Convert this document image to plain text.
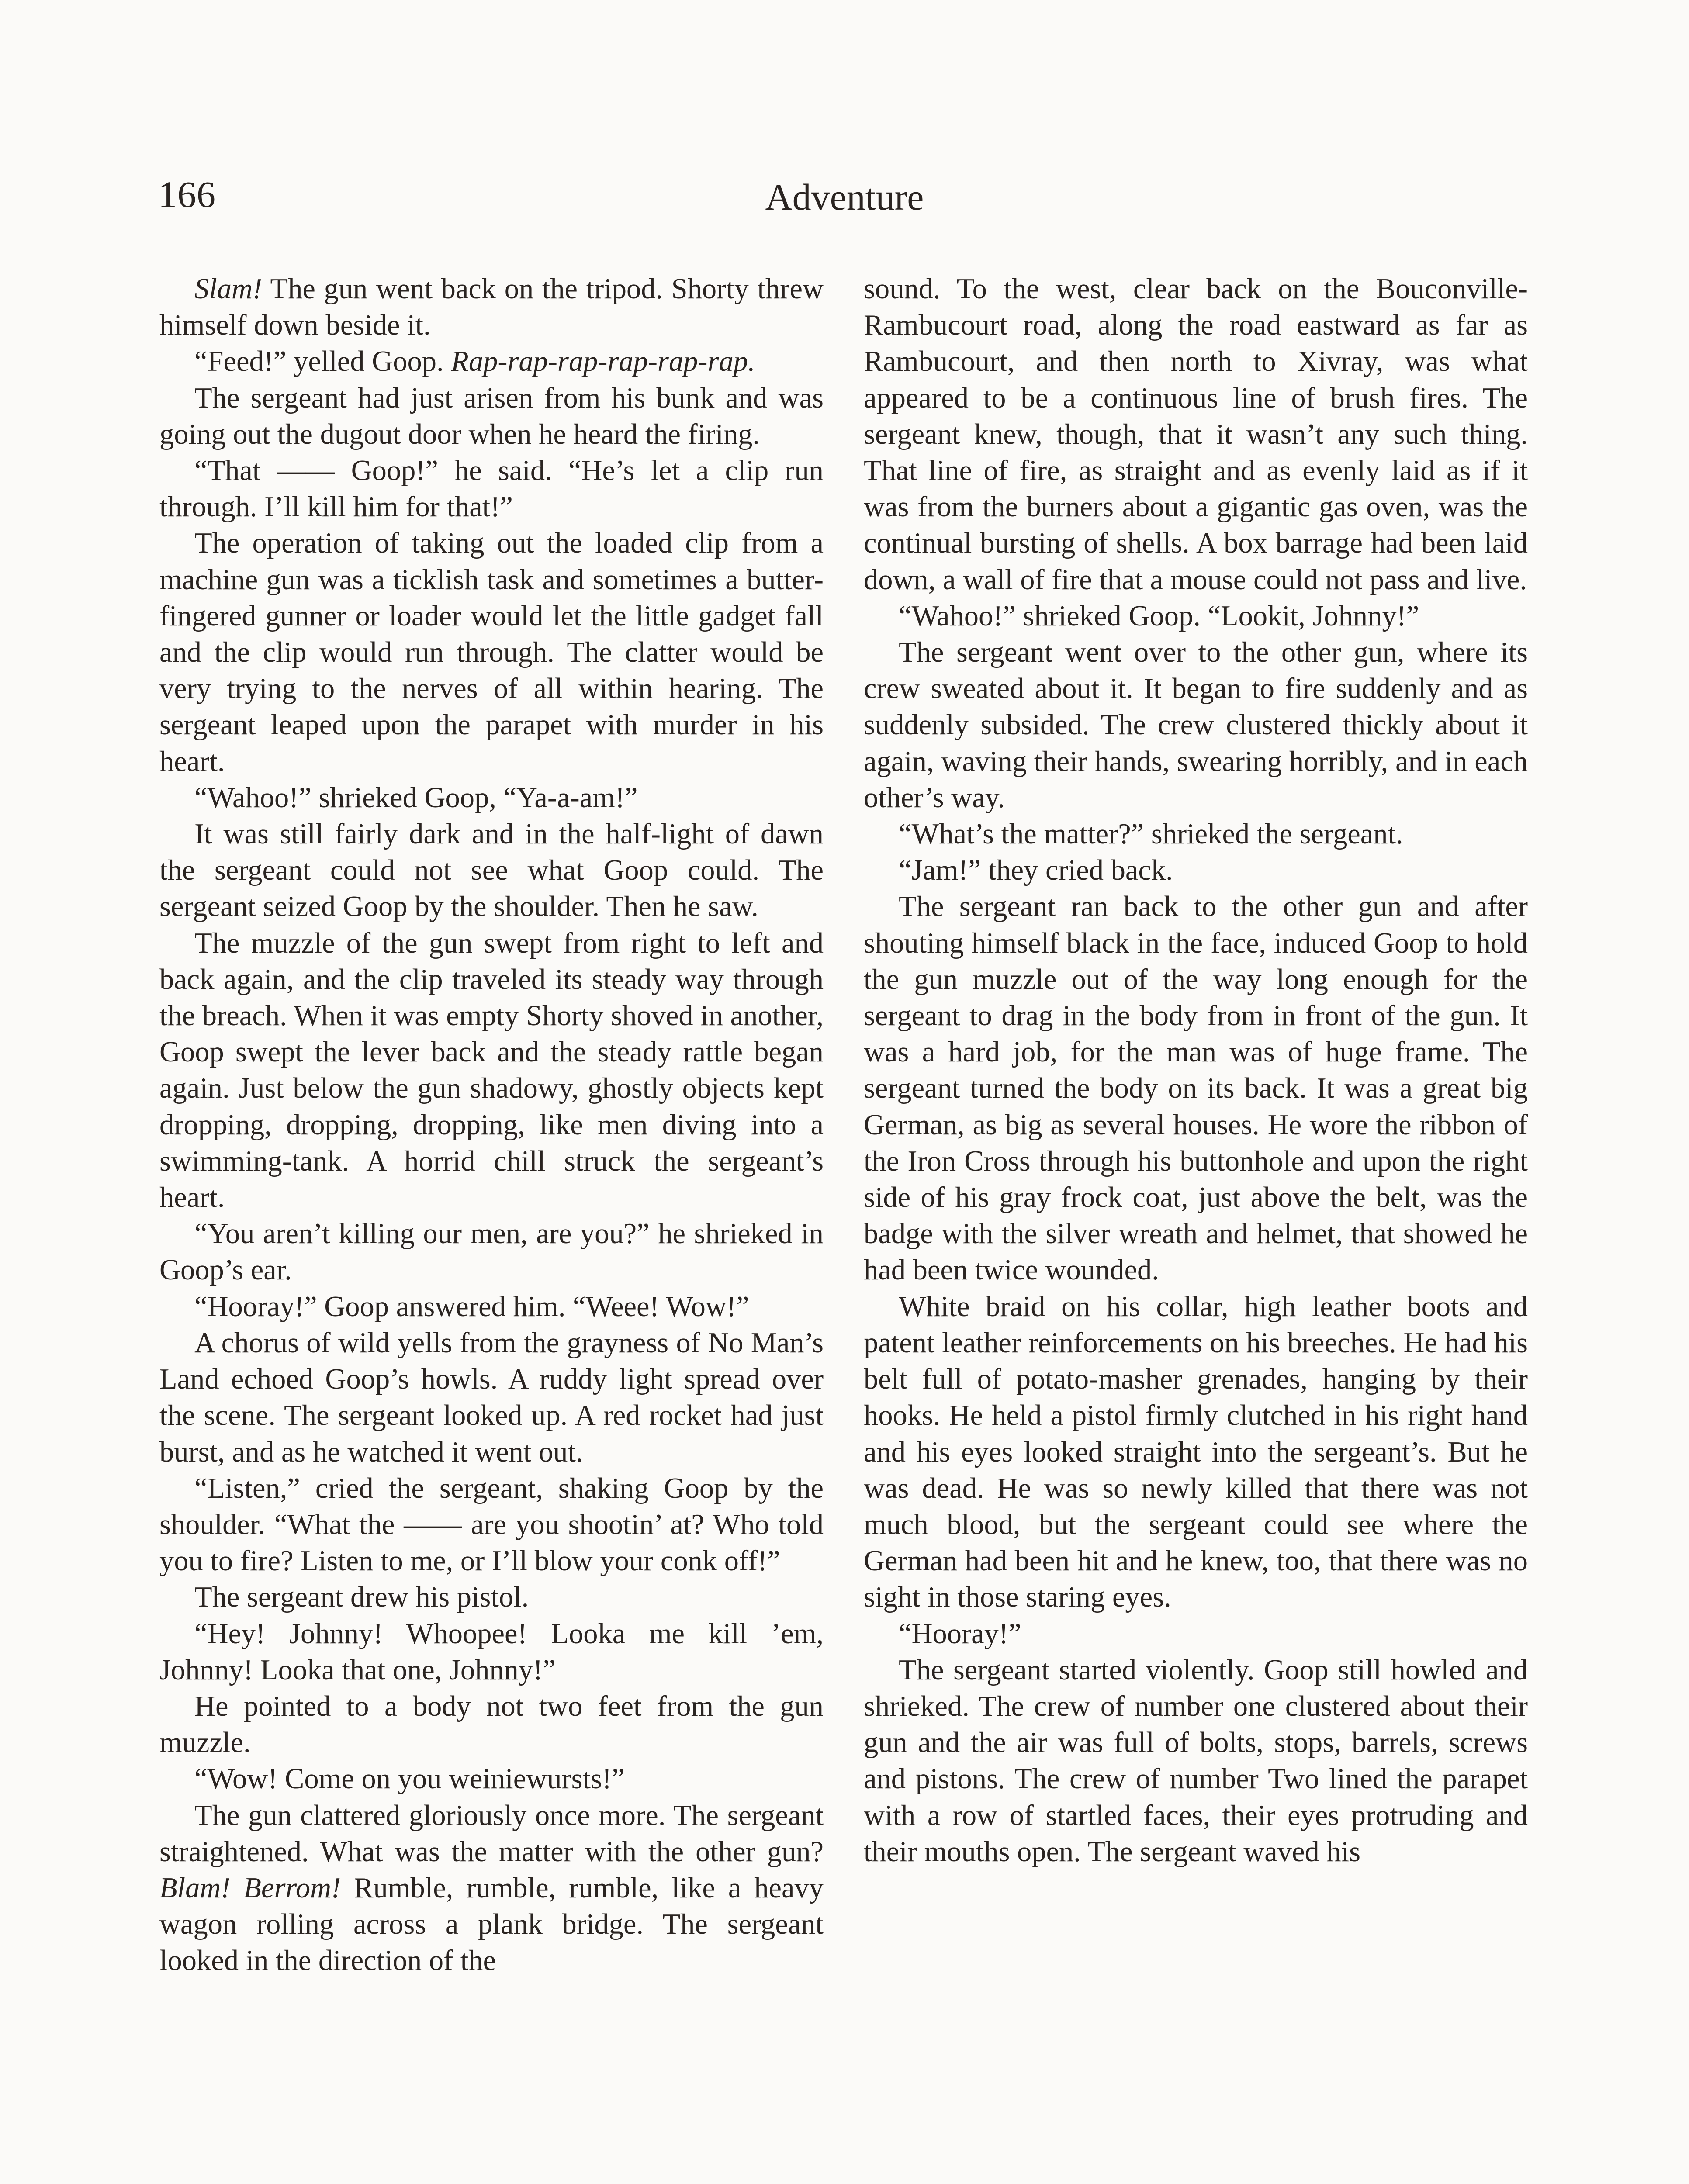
166	Adventure

Slam! The gun went back on the tripod. Shorty threw himself down beside it.

“Feed!” yelled Goop. Rap-rap-rap-rap-rap-rap.

The sergeant had just arisen from his bunk and was going out the dugout door when he heard the firing.

“That —— Goop!” he said. “He’s let a clip run through. I’ll kill him for that!”

The operation of taking out the loaded clip from a machine gun was a ticklish task and sometimes a butter-fingered gunner or loader would let the little gadget fall and the clip would run through. The clatter would be very trying to the nerves of all within hearing. The sergeant leaped upon the parapet with murder in his heart.

“Wahoo!” shrieked Goop, “Ya-a-am!”

It was still fairly dark and in the half-light of dawn the sergeant could not see what Goop could. The sergeant seized Goop by the shoulder. Then he saw.

The muzzle of the gun swept from right to left and back again, and the clip traveled its steady way through the breach. When it was empty Shorty shoved in another, Goop swept the lever back and the steady rattle began again. Just below the gun shadowy, ghostly objects kept dropping, dropping, dropping, like men diving into a swimming-tank. A horrid chill struck the sergeant’s heart.

“You aren’t killing our men, are you?” he shrieked in Goop’s ear.

“Hooray!” Goop answered him. “Weee! Wow!”

A chorus of wild yells from the grayness of No Man’s Land echoed Goop’s howls. A ruddy light spread over the scene. The sergeant looked up. A red rocket had just burst, and as he watched it went out.

“Listen,” cried the sergeant, shaking Goop by the shoulder. “What the —— are you shootin’ at? Who told you to fire? Listen to me, or I’ll blow your conk off!”

The sergeant drew his pistol.

“Hey! Johnny! Whoopee! Looka me kill ’em, Johnny! Looka that one, Johnny!”

He pointed to a body not two feet from the gun muzzle.

“Wow! Come on you weiniewursts!”

The gun clattered gloriously once more. The sergeant straightened. What was the matter with the other gun? Blam! Berrom! Rumble, rumble, rumble, like a heavy wagon rolling across a plank bridge. The sergeant looked in the direction of the

sound. To the west, clear back on the Bouconville-Rambucourt road, along the road eastward as far as Rambucourt, and then north to Xivray, was what appeared to be a continuous line of brush fires. The sergeant knew, though, that it wasn’t any such thing. That line of fire, as straight and as evenly laid as if it was from the burners about a gigantic gas oven, was the continual bursting of shells. A box barrage had been laid down, a wall of fire that a mouse could not pass and live.

“Wahoo!” shrieked Goop. “Lookit, Johnny!”

The sergeant went over to the other gun, where its crew sweated about it. It began to fire suddenly and as suddenly subsided. The crew clustered thickly about it again, waving their hands, swearing horribly, and in each other’s way.

“What’s the matter?” shrieked the sergeant.

“Jam!” they cried back.

The sergeant ran back to the other gun and after shouting himself black in the face, induced Goop to hold the gun muzzle out of the way long enough for the sergeant to drag in the body from in front of the gun. It was a hard job, for the man was of huge frame. The sergeant turned the body on its back. It was a great big German, as big as several houses. He wore the ribbon of the Iron Cross through his buttonhole and upon the right side of his gray frock coat, just above the belt, was the badge with the silver wreath and helmet, that showed he had been twice wounded.

White braid on his collar, high leather boots and patent leather reinforcements on his breeches. He had his belt full of potato-masher grenades, hanging by their hooks. He held a pistol firmly clutched in his right hand and his eyes looked straight into the sergeant’s. But he was dead. He was so newly killed that there was not much blood, but the sergeant could see where the German had been hit and he knew, too, that there was no sight in those staring eyes.

“Hooray!”

The sergeant started violently. Goop still howled and shrieked. The crew of number one clustered about their gun and the air was full of bolts, stops, barrels, screws and pistons. The crew of number Two lined the parapet with a row of startled faces, their eyes protruding and their mouths open. The sergeant waved his
